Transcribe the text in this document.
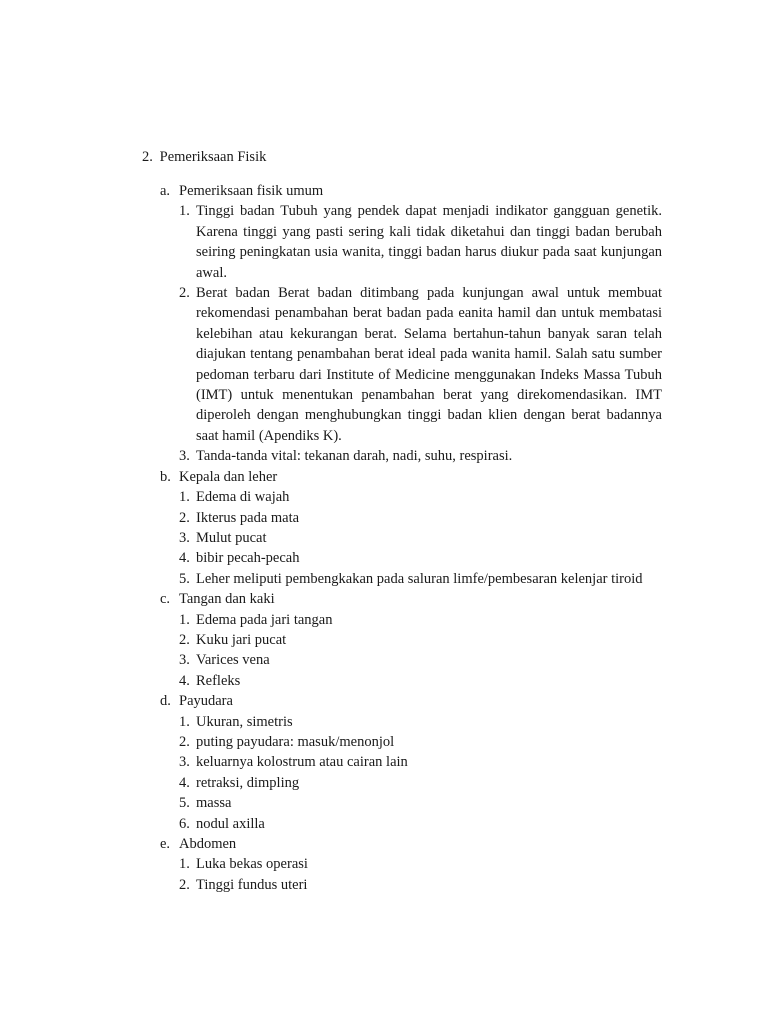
2. Pemeriksaan Fisik
a. Pemeriksaan fisik umum
1. Tinggi badan Tubuh yang pendek dapat menjadi indikator gangguan genetik. Karena tinggi yang pasti sering kali tidak diketahui dan tinggi badan berubah seiring peningkatan usia wanita, tinggi badan harus diukur pada saat kunjungan awal.
2. Berat badan Berat badan ditimbang pada kunjungan awal untuk membuat rekomendasi penambahan berat badan pada eanita hamil dan untuk membatasi kelebihan atau kekurangan berat. Selama bertahun-tahun banyak saran telah diajukan tentang penambahan berat ideal pada wanita hamil. Salah satu sumber pedoman terbaru dari Institute of Medicine menggunakan Indeks Massa Tubuh (IMT) untuk menentukan penambahan berat yang direkomendasikan. IMT diperoleh dengan menghubungkan tinggi badan klien dengan berat badannya saat hamil (Apendiks K).
3. Tanda-tanda vital: tekanan darah, nadi, suhu, respirasi.
b. Kepala dan leher
1. Edema di wajah
2. Ikterus pada mata
3. Mulut pucat
4. bibir pecah-pecah
5. Leher meliputi pembengkakan pada saluran limfe/pembesaran kelenjar tiroid
c. Tangan dan kaki
1. Edema pada jari tangan
2. Kuku jari pucat
3. Varices vena
4. Refleks
d. Payudara
1. Ukuran, simetris
2. puting payudara: masuk/menonjol
3. keluarnya kolostrum atau cairan lain
4. retraksi, dimpling
5. massa
6. nodul axilla
e. Abdomen
1. Luka bekas operasi
2. Tinggi fundus uteri
